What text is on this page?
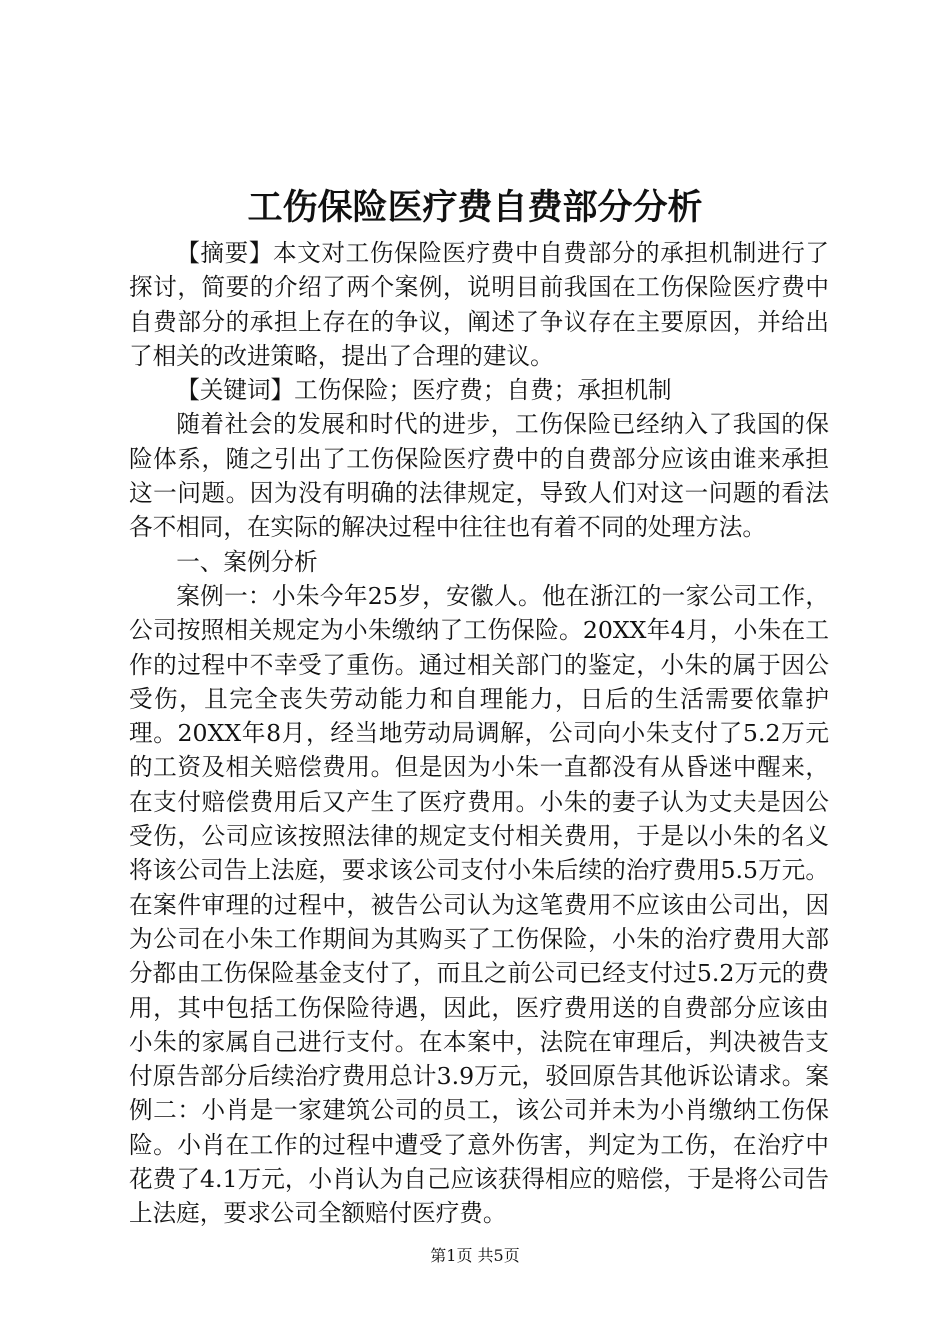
工伤保险医疗费自费部分分析

【摘要】本文对工伤保险医疗费中自费部分的承担机制进行了探讨，简要的介绍了两个案例，说明目前我国在工伤保险医疗费中自费部分的承担上存在的争议，阐述了争议存在主要原因，并给出了相关的改进策略，提出了合理的建议。

【关键词】工伤保险；医疗费；自费；承担机制

随着社会的发展和时代的进步，工伤保险已经纳入了我国的保险体系，随之引出了工伤保险医疗费中的自费部分应该由谁来承担这一问题。因为没有明确的法律规定，导致人们对这一问题的看法各不相同，在实际的解决过程中往往也有着不同的处理方法。

一、案例分析

案例一：小朱今年25岁，安徽人。他在浙江的一家公司工作，公司按照相关规定为小朱缴纳了工伤保险。20XX年4月，小朱在工作的过程中不幸受了重伤。通过相关部门的鉴定，小朱的属于因公受伤，且完全丧失劳动能力和自理能力，日后的生活需要依靠护理。20XX年8月，经当地劳动局调解，公司向小朱支付了5.2万元的工资及相关赔偿费用。但是因为小朱一直都没有从昏迷中醒来，在支付赔偿费用后又产生了医疗费用。小朱的妻子认为丈夫是因公受伤，公司应该按照法律的规定支付相关费用，于是以小朱的名义将该公司告上法庭，要求该公司支付小朱后续的治疗费用5.5万元。在案件审理的过程中，被告公司认为这笔费用不应该由公司出，因为公司在小朱工作期间为其购买了工伤保险，小朱的治疗费用大部分都由工伤保险基金支付了，而且之前公司已经支付过5.2万元的费用，其中包括工伤保险待遇，因此，医疗费用送的自费部分应该由小朱的家属自己进行支付。在本案中，法院在审理后，判决被告支付原告部分后续治疗费用总计3.9万元，驳回原告其他诉讼请求。案例二：小肖是一家建筑公司的员工，该公司并未为小肖缴纳工伤保险。小肖在工作的过程中遭受了意外伤害，判定为工伤，在治疗中花费了4.1万元，小肖认为自己应该获得相应的赔偿，于是将公司告上法庭，要求公司全额赔付医疗费。

第1页 共5页
